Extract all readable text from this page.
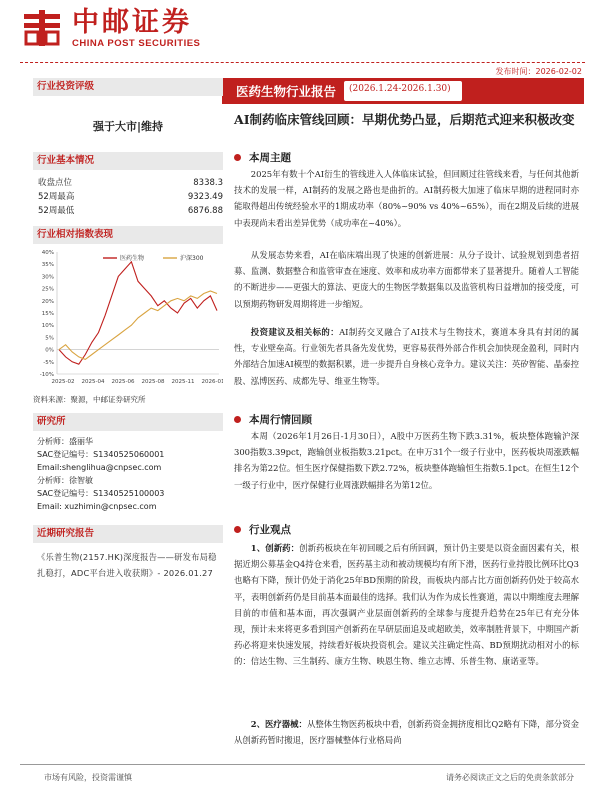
中邮证券
CHINA POST SECURITIES
发布时间：2026-02-02
医药生物行业报告 (2026.1.24-2026.1.30)
AI制药临床管线回顾：早期优势凸显，后期范式迎来积极改变
行业投资评级
强于大市|维持
行业基本情况
收盘点位	8338.3
52周最高	9323.49
52周最低	6876.88
行业相对指数表现
-10%
-5%
0%
5%
10%
15%
20%
25%
30%
35%
40%
2025-02 2025-04 2025-06 2025-08 2025-11 2026-01
医药生物	沪深300
资料来源：聚源，中邮证券研究所
研究所
分析师：盛丽华
SAC登记编号：S1340525060001
Email:shenglihua@cnpsec.com
分析师：徐智敏
SAC登记编号：S1340525100003
Email: xuzhimin@cnpsec.com
近期研究报告
《乐普生物(2157.HK)深度报告——研发布局稳扎稳打，ADC平台进入收获期》- 2026.01.27
本周主题
2025年有数十个AI衍生的管线进入人体临床试验，但回顾过往管线来看，与任何其他新技术的发展一样，AI制药的发展之路也是曲折的。AI制药极大加速了临床早期的进程同时亦能取得超出传统经验水平的1期成功率（80%~90% vs 40%~65%），而在2期及后续的进展中表现尚未看出差异优势（成功率在~40%）。
从发展态势来看，AI在临床端出现了快速的创新进展：从分子设计、试验规划到患者招募、监测、数据整合和监管审查在速度、效率和成功率方面都带来了显著提升。随着人工智能的不断进步——更强大的算法、更庞大的生物医学数据集以及监管机构日益增加的接受度，可以预期药物研发周期将进一步缩短。
投资建议及相关标的：AI制药交叉融合了AI技术与生物技术，赛道本身具有封闭的属性，专业壁垒高。行业领先者具备先发优势，更容易获得外部合作机会加快现金盈利，同时内外部结合加速AI模型的数据积累，进一步提升自身核心竞争力。建议关注：英矽智能、晶泰控股、泓博医药、成都先导、维亚生物等。
本周行情回顾
本周（2026年1月26日-1月30日），A股中万医药生物下跌3.31%，板块整体跑输沪深300指数3.39pct，跑输创业板指数3.21pct。在申万31个一级子行业中，医药板块周涨跌幅排名为第22位。恒生医疗保健指数下跌2.72%，板块整体跑输恒生指数5.1pct。在恒生12个一级子行业中，医疗保健行业周涨跌幅排名为第12位。
行业观点
1、创新药：创新药板块在年初回暖之后有所回调，预计仍主要是以资金面因素有关，根据近期公募基金Q4持仓来看，医药基主动和被动规模均有所下滑，医药行业持股比例环比Q3也略有下降，预计仍处于消化25年BD预期的阶段，而板块内部占比方面创新药仍处于较高水平，表明创新药仍是目前基本面最佳的选择。我们认为作为成长性赛道，需以中期维度去理解目前的市值和基本面，再次强调产业层面创新药的全球参与度提升趋势在25年已有充分体现，预计未来将更多看到国产创新药在早研层面追及或超欧美，效率制胜背景下，中期国产新药必将迎来快速发展，持续看好板块投资机会。建议关注确定性高、BD预期扰动相对小的标的：信达生物、三生制药、康方生物、映恩生物、维立志博、乐普生物、康诺亚等。
2、医疗器械：从整体生物医药板块中看，创新药资金拥挤度相比Q2略有下降，部分资金从创新药暂时搬退，医疗器械整体行业格局尚
市场有风险，投资需谨慎	请务必阅读正文之后的免责条款部分
